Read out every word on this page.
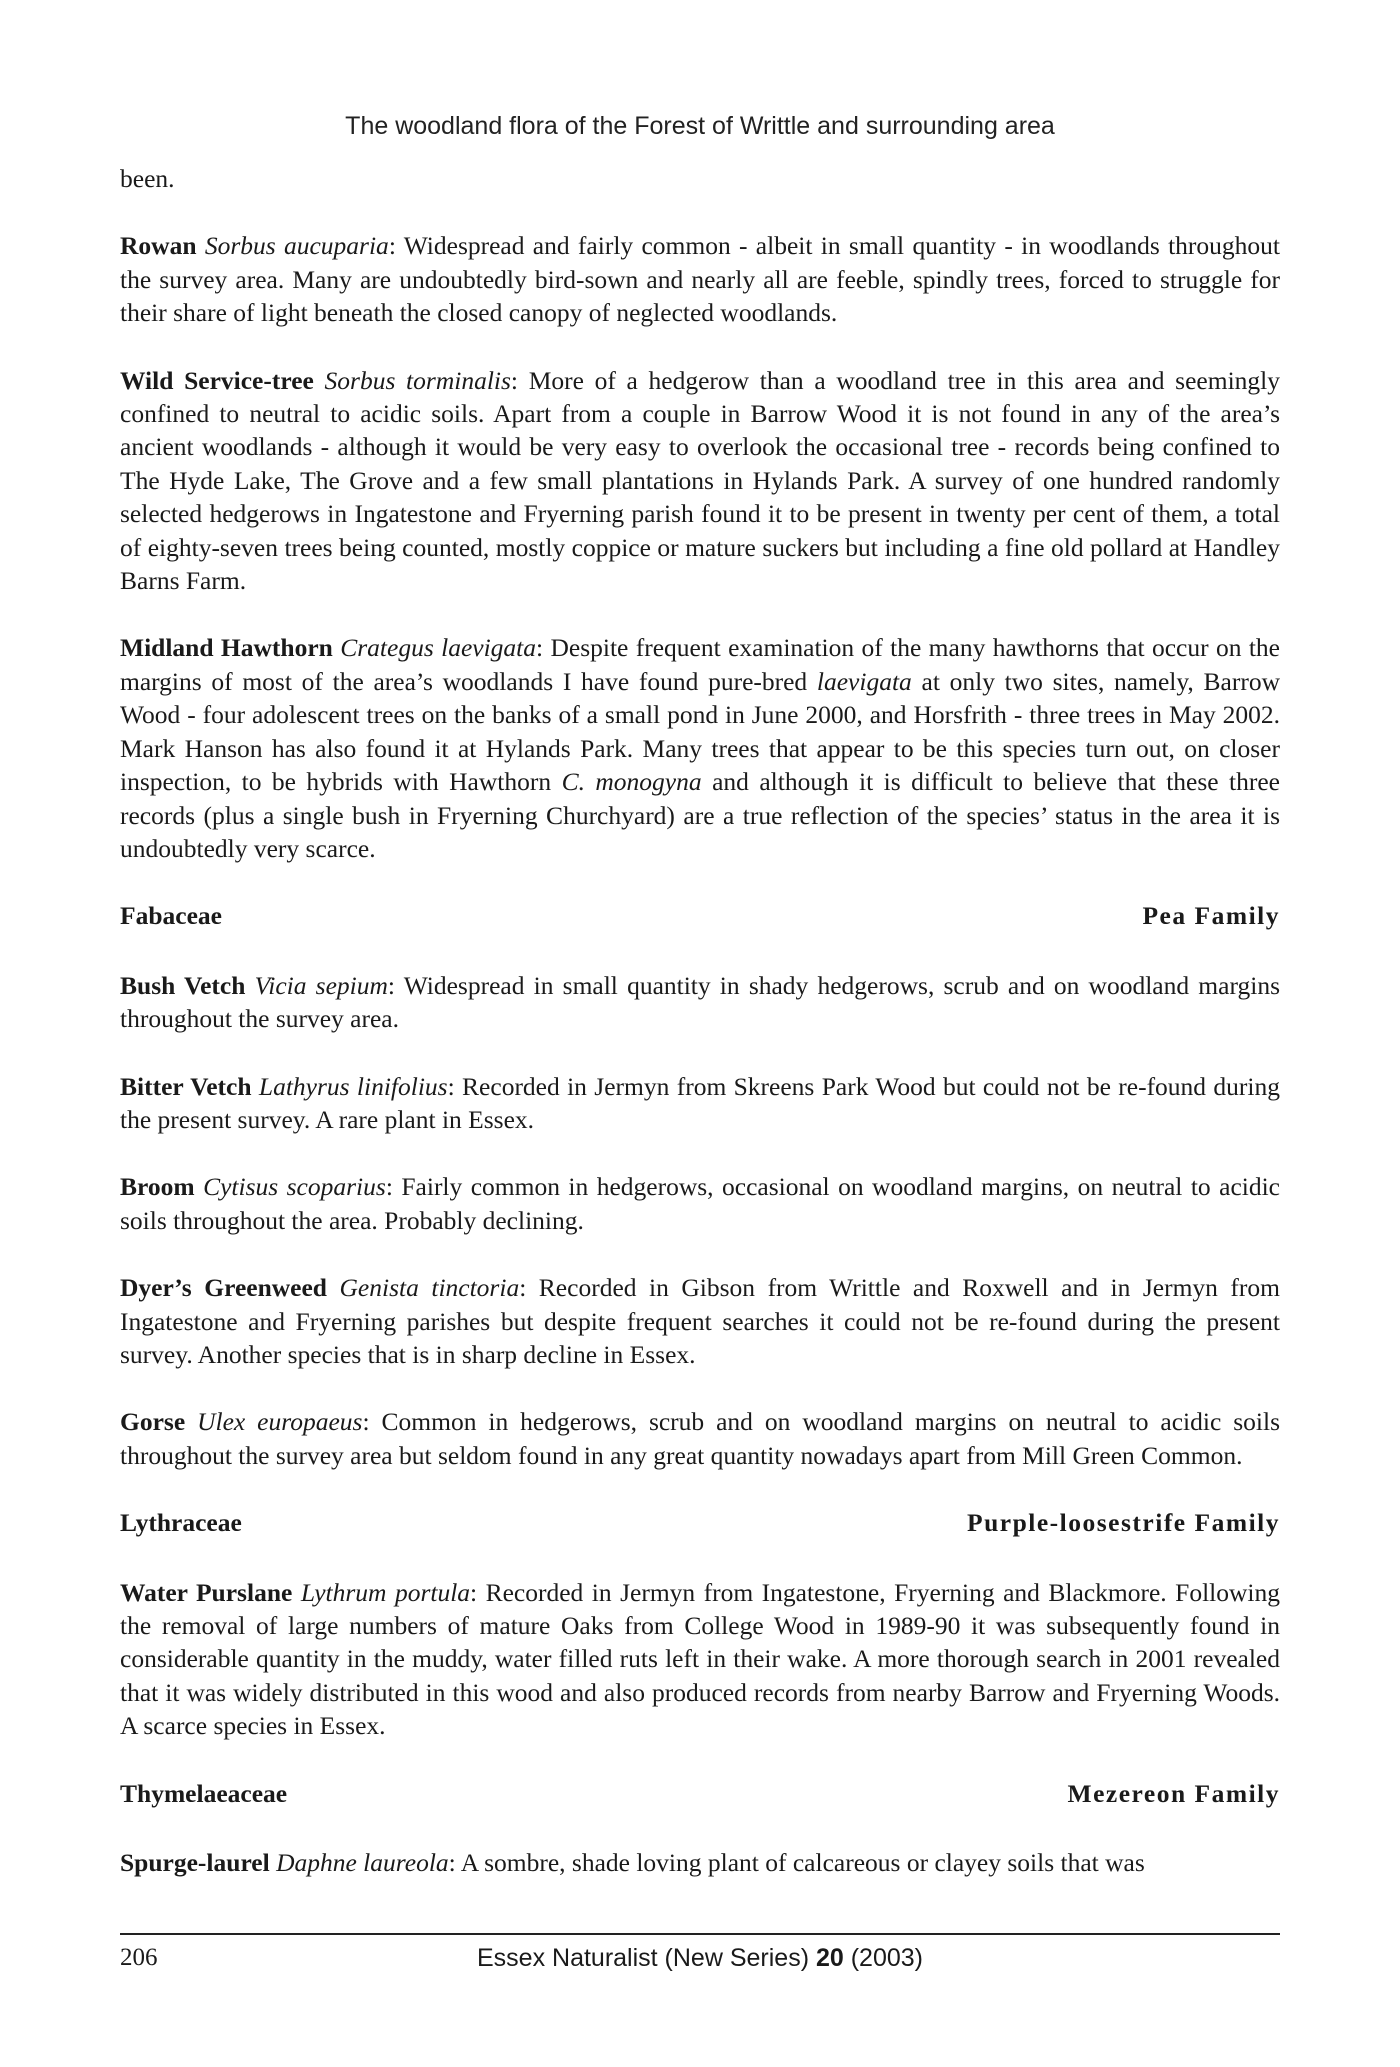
The woodland flora of the Forest of Writtle and surrounding area

been.

Rowan Sorbus aucuparia: Widespread and fairly common - albeit in small quantity - in woodlands throughout the survey area. Many are undoubtedly bird-sown and nearly all are feeble, spindly trees, forced to struggle for their share of light beneath the closed canopy of neglected woodlands.

Wild Service-tree Sorbus torminalis: More of a hedgerow than a woodland tree in this area and seemingly confined to neutral to acidic soils. Apart from a couple in Barrow Wood it is not found in any of the area’s ancient woodlands - although it would be very easy to overlook the occasional tree - records being confined to The Hyde Lake, The Grove and a few small plantations in Hylands Park. A survey of one hundred randomly selected hedgerows in Ingatestone and Fryerning parish found it to be present in twenty per cent of them, a total of eighty-seven trees being counted, mostly coppice or mature suckers but including a fine old pollard at Handley Barns Farm.

Midland Hawthorn Crategus laevigata: Despite frequent examination of the many hawthorns that occur on the margins of most of the area’s woodlands I have found pure-bred laevigata at only two sites, namely, Barrow Wood - four adolescent trees on the banks of a small pond in June 2000, and Horsfrith - three trees in May 2002. Mark Hanson has also found it at Hylands Park. Many trees that appear to be this species turn out, on closer inspection, to be hybrids with Hawthorn C. monogyna and although it is difficult to believe that these three records (plus a single bush in Fryerning Churchyard) are a true reflection of the species’ status in the area it is undoubtedly very scarce.

Fabaceae	Pea Family

Bush Vetch Vicia sepium: Widespread in small quantity in shady hedgerows, scrub and on woodland margins throughout the survey area.

Bitter Vetch Lathyrus linifolius: Recorded in Jermyn from Skreens Park Wood but could not be re-found during the present survey. A rare plant in Essex.

Broom Cytisus scoparius: Fairly common in hedgerows, occasional on woodland margins, on neutral to acidic soils throughout the area. Probably declining.

Dyer’s Greenweed Genista tinctoria: Recorded in Gibson from Writtle and Roxwell and in Jermyn from Ingatestone and Fryerning parishes but despite frequent searches it could not be re-found during the present survey. Another species that is in sharp decline in Essex.

Gorse Ulex europaeus: Common in hedgerows, scrub and on woodland margins on neutral to acidic soils throughout the survey area but seldom found in any great quantity nowadays apart from Mill Green Common.

Lythraceae	Purple-loosestrife Family

Water Purslane Lythrum portula: Recorded in Jermyn from Ingatestone, Fryerning and Blackmore. Following the removal of large numbers of mature Oaks from College Wood in 1989-90 it was subsequently found in considerable quantity in the muddy, water filled ruts left in their wake. A more thorough search in 2001 revealed that it was widely distributed in this wood and also produced records from nearby Barrow and Fryerning Woods. A scarce species in Essex.

Thymelaeaceae	Mezereon Family

Spurge-laurel Daphne laureola: A sombre, shade loving plant of calcareous or clayey soils that was

206	Essex Naturalist (New Series) 20 (2003)
